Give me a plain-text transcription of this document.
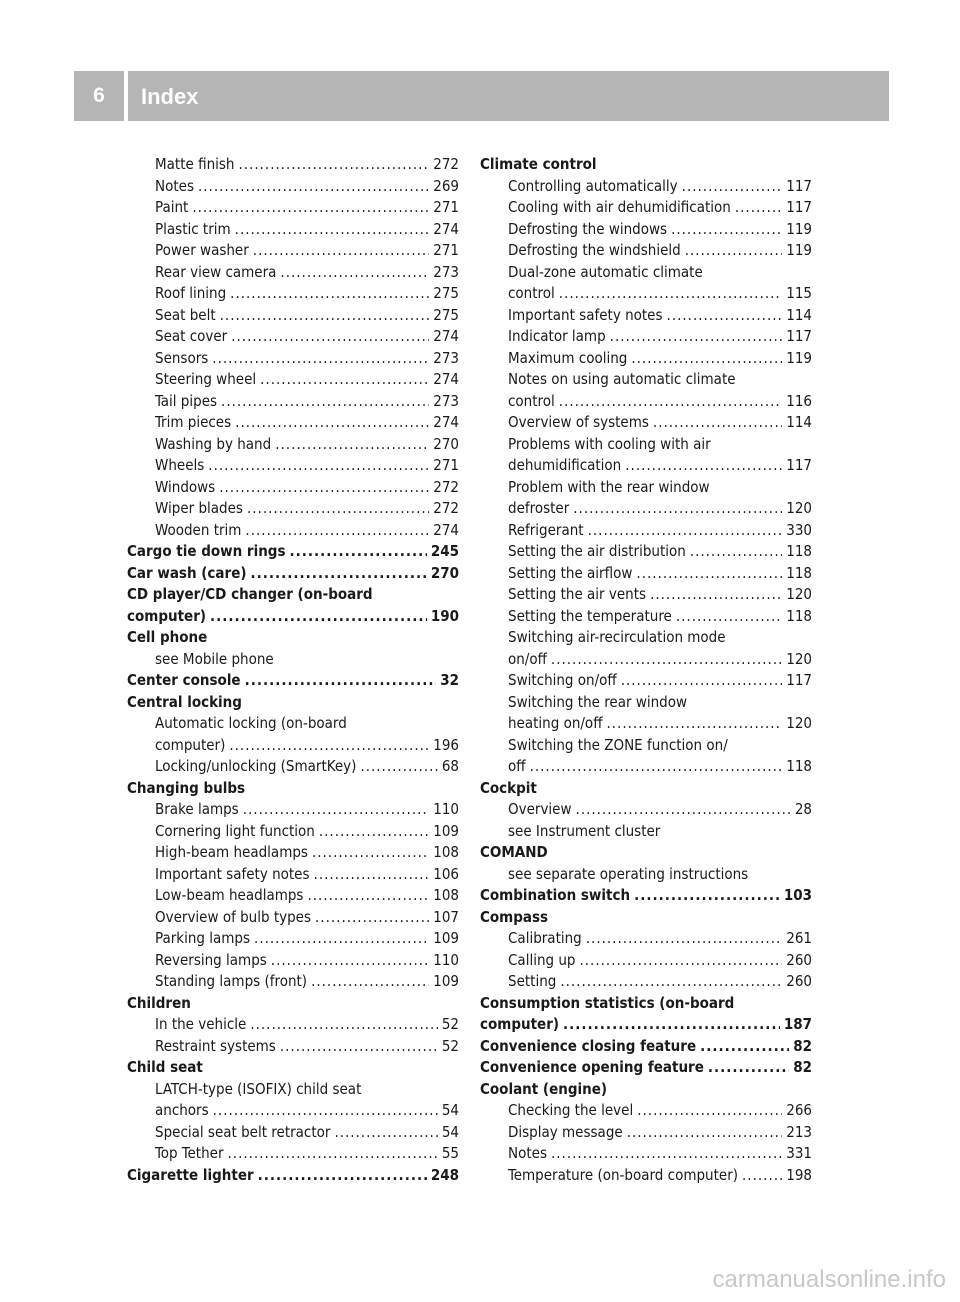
6	Index
Matte finish .....	272
Notes .....	269
Paint .....	271
Plastic trim .....	274
Power washer .....	271
Rear view camera .....	273
Roof lining .....	275
Seat belt .....	275
Seat cover .....	274
Sensors .....	273
Steering wheel .....	274
Tail pipes .....	273
Trim pieces .....	274
Washing by hand .....	270
Wheels .....	271
Windows .....	272
Wiper blades .....	272
Wooden trim .....	274
Cargo tie down rings .....	245
Car wash (care) .....	270
CD player/CD changer (on-board
computer) .....	190
Cell phone
see Mobile phone
Center console .....	32
Central locking
Automatic locking (on-board
computer) .....	196
Locking/unlocking (SmartKey) .....	68
Changing bulbs
Brake lamps .....	110
Cornering light function .....	109
High-beam headlamps .....	108
Important safety notes .....	106
Low-beam headlamps .....	108
Overview of bulb types .....	107
Parking lamps .....	109
Reversing lamps .....	110
Standing lamps (front) .....	109
Children
In the vehicle .....	52
Restraint systems .....	52
Child seat
LATCH-type (ISOFIX) child seat
anchors .....	54
Special seat belt retractor .....	54
Top Tether .....	55
Cigarette lighter .....	248
Climate control
Controlling automatically .....	117
Cooling with air dehumidification .....	117
Defrosting the windows .....	119
Defrosting the windshield .....	119
Dual-zone automatic climate
control .....	115
Important safety notes .....	114
Indicator lamp .....	117
Maximum cooling .....	119
Notes on using automatic climate
control .....	116
Overview of systems .....	114
Problems with cooling with air
dehumidification .....	117
Problem with the rear window
defroster .....	120
Refrigerant .....	330
Setting the air distribution .....	118
Setting the airflow .....	118
Setting the air vents .....	120
Setting the temperature .....	118
Switching air-recirculation mode
on/off .....	120
Switching on/off .....	117
Switching the rear window
heating on/off .....	120
Switching the ZONE function on/
off .....	118
Cockpit
Overview .....	28
see Instrument cluster
COMAND
see separate operating instructions
Combination switch .....	103
Compass
Calibrating .....	261
Calling up .....	260
Setting .....	260
Consumption statistics (on-board
computer) .....	187
Convenience closing feature .....	82
Convenience opening feature .....	82
Coolant (engine)
Checking the level .....	266
Display message .....	213
Notes .....	331
Temperature (on-board computer) .....	198
carmanualsonline.info
